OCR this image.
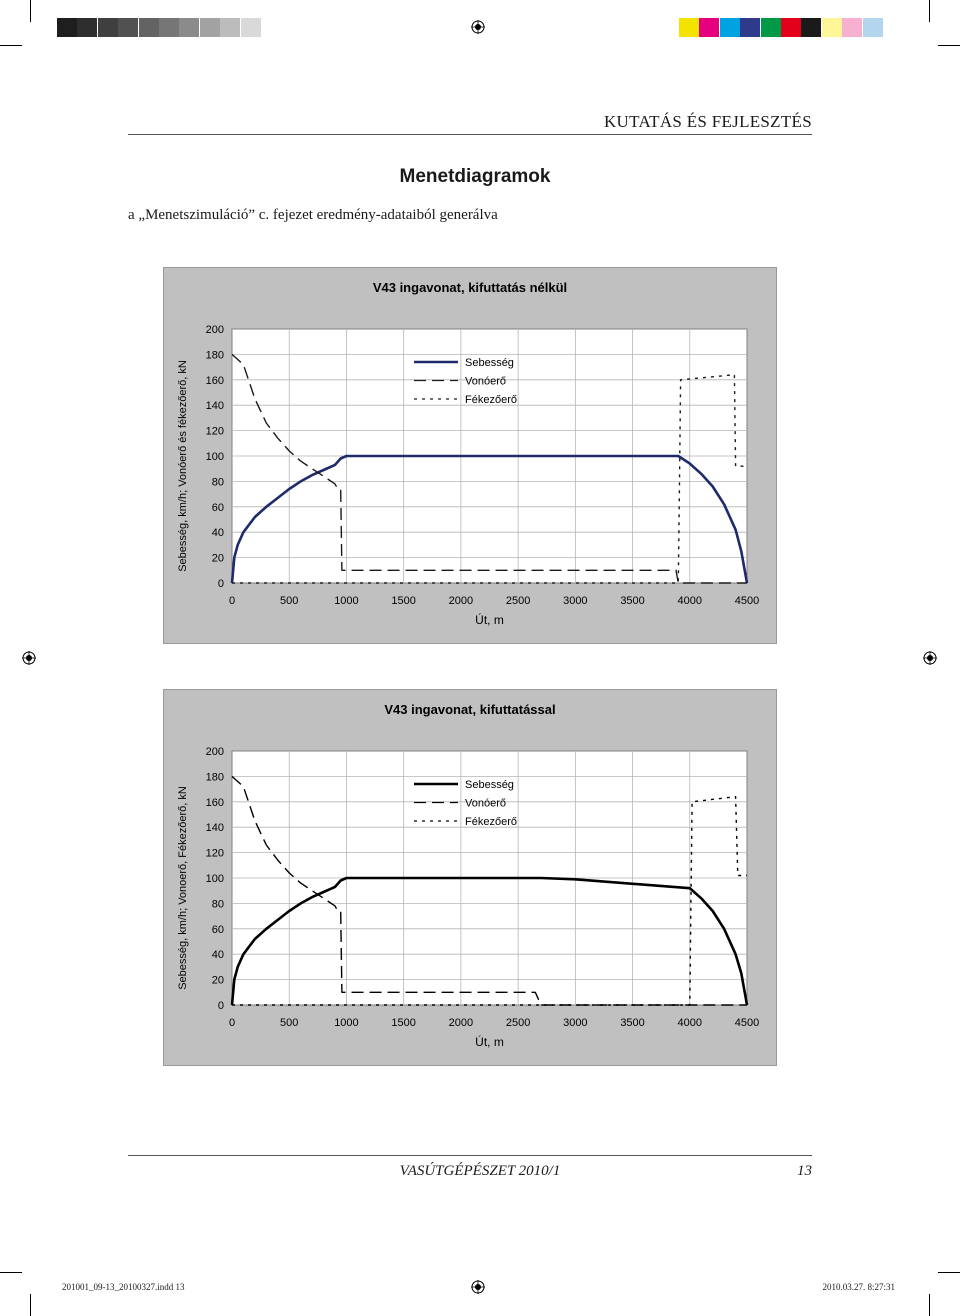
KUTATÁS ÉS FEJLESZTÉS
Menetdiagramok
a „Menetszimuláció” c. fejezet eredmény-adataiból generálva
V43 ingavonat, kifuttatás nélkül
0
20
40
60
80
100
120
140
160
180
200
0	500	1000	1500	2000	2500	3000	3500	4000	4500
Út, m
Sebesség, km/h; Vonóerő és fékezőerő, kN	Sebesség
Vonóerő
Fékezőerő
V43 ingavonat, kifuttatással
0
20
40
60
80
100
120
140
160
180
200
0	500	1000	1500	2000	2500	3000	3500	4000	4500
Út, m
Sebesség, km/h; Vonoerő, Fékezőerő, kN
Sebesség
Vonóerő
Fékezőerő
VASÚTGÉPÉSZET 2010/1	13
201001_09-13_20100327.indd 13	2010.03.27. 8:27:31
